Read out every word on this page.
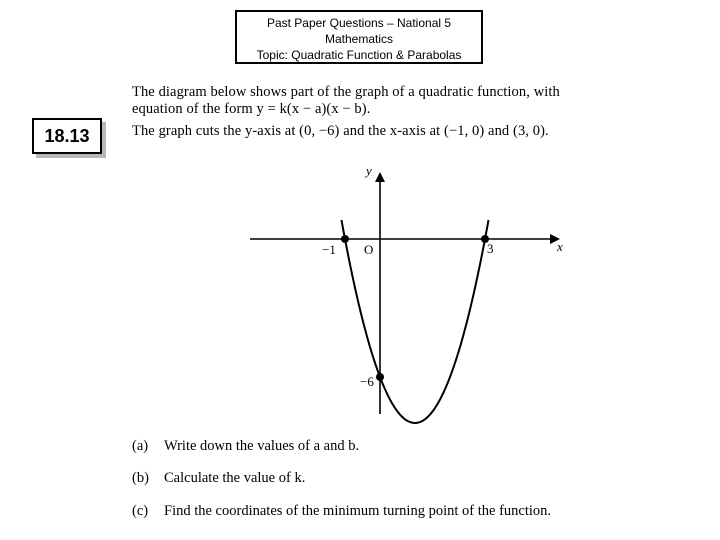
Past Paper Questions – National 5
Mathematics
Topic: Quadratic Function & Parabolas
18.13
The diagram below shows part of the graph of a quadratic function, with
equation of the form y = k(x − a)(x − b).
The graph cuts the y-axis at (0, −6) and the x-axis at (−1, 0) and (3, 0).
y
x
O
−1	3
−6
(a) Write down the values of a and b.
(b) Calculate the value of k.
(c) Find the coordinates of the minimum turning point of the function.
